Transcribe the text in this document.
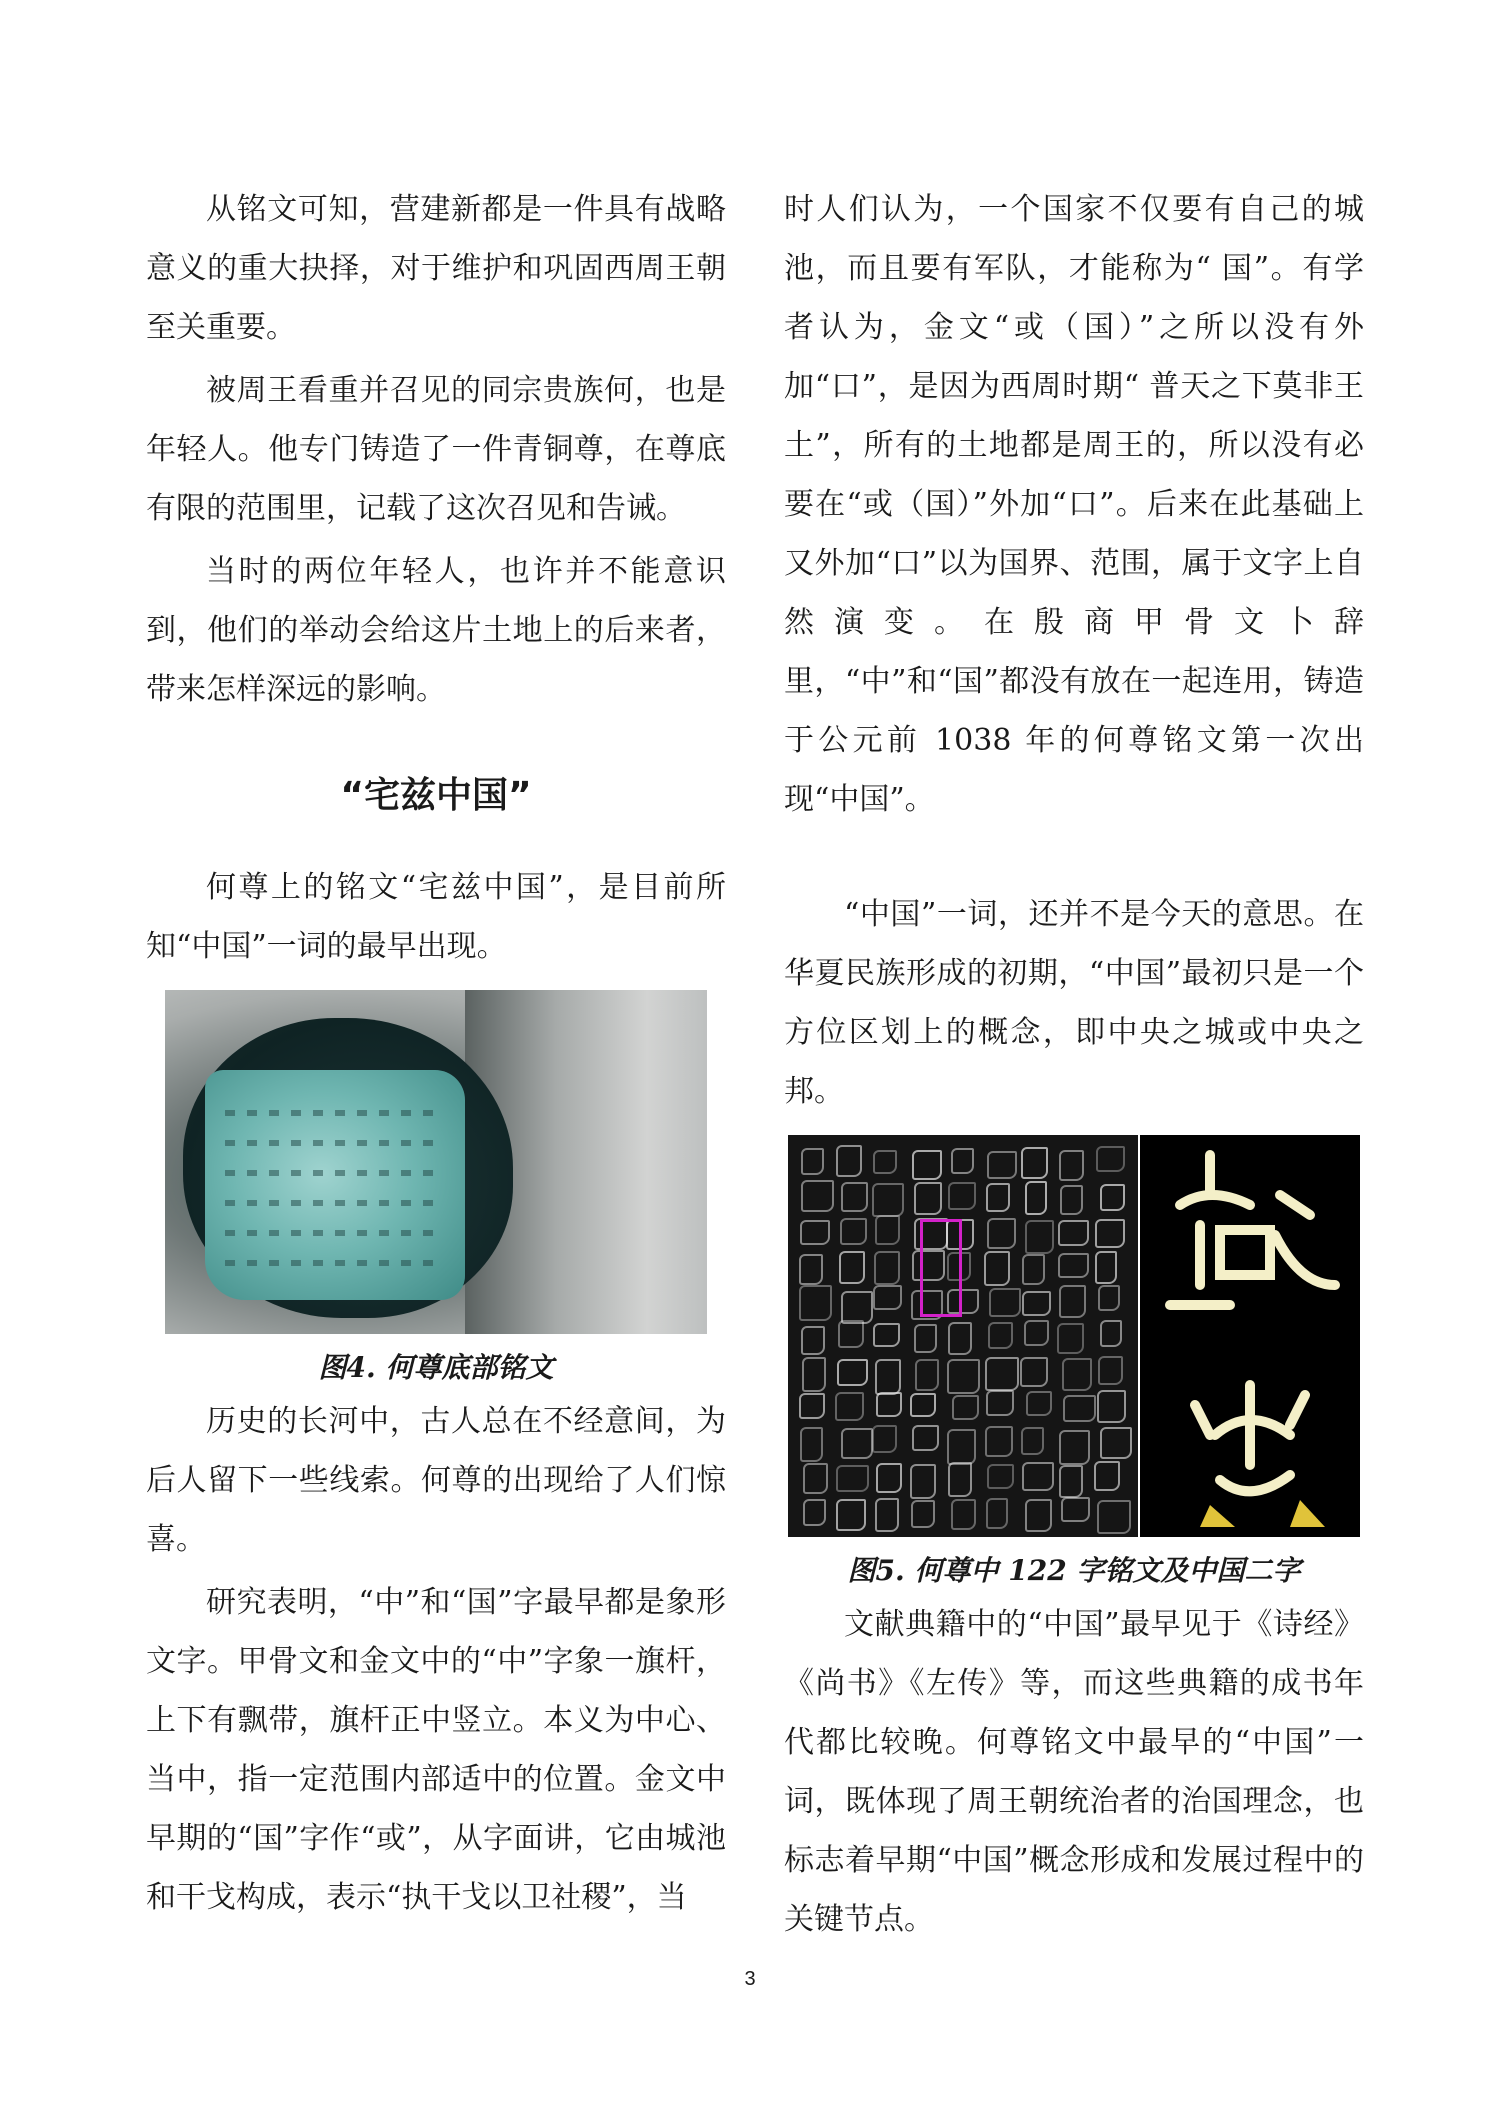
从铭文可知，营建新都是一件具有战略意义的重大抉择，对于维护和巩固西周王朝至关重要。

被周王看重并召见的同宗贵族何，也是年轻人。他专门铸造了一件青铜尊，在尊底有限的范围里，记载了这次召见和告诫。

当时的两位年轻人，也许并不能意识到，他们的举动会给这片土地上的后来者，带来怎样深远的影响。

“宅兹中国”

何尊上的铭文“宅兹中国”，是目前所知“中国”一词的最早出现。

图4. 何尊底部铭文

历史的长河中，古人总在不经意间，为后人留下一些线索。何尊的出现给了人们惊喜。

研究表明，“中”和“国”字最早都是象形文字。甲骨文和金文中的“中”字象一旗杆，上下有飘带，旗杆正中竖立。本义为中心、当中，指一定范围内部适中的位置。金文中早期的“国”字作“或”，从字面讲，它由城池和干戈构成，表示“执干戈以卫社稷”，当

时人们认为，一个国家不仅要有自己的城池，而且要有军队，才能称为“ 国”。有学者认为，金文“或（国）”之所以没有外加“口”，是因为西周时期“ 普天之下莫非王土”，所有的土地都是周王的，所以没有必要在“或（国）”外加“口”。后来在此基础上又外加“口”以为国界、范围，属于文字上自然演变。在殷商甲骨文卜辞里，“中”和“国”都没有放在一起连用，铸造于公元前 1038 年的何尊铭文第一次出现“中国”。

“中国”一词，还并不是今天的意思。在华夏民族形成的初期，“中国”最初只是一个方位区划上的概念，即中央之城或中央之邦。

图5. 何尊中 122 字铭文及中国二字

文献典籍中的“中国”最早见于《诗经》《尚书》《左传》等，而这些典籍的成书年代都比较晚。何尊铭文中最早的“中国”一词，既体现了周王朝统治者的治国理念，也标志着早期“中国”概念形成和发展过程中的关键节点。

3
